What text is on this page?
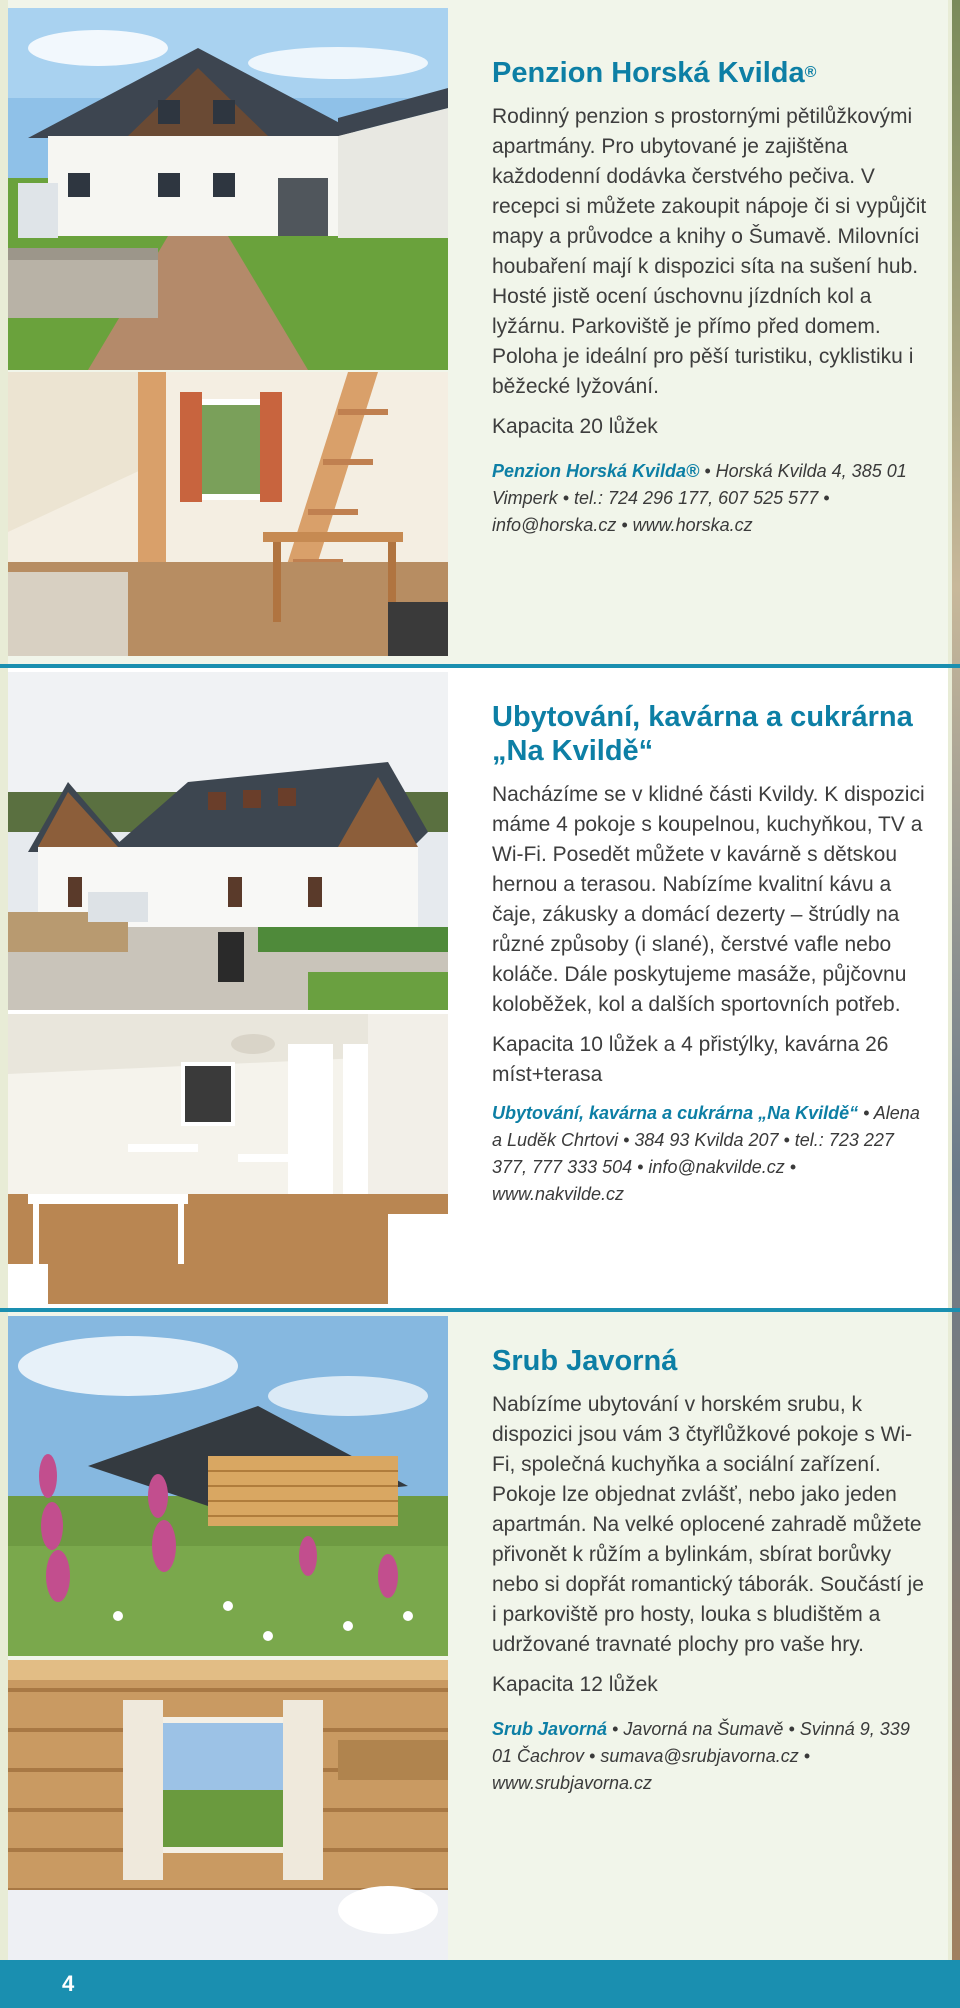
Penzion Horská Kvilda®

Rodinný penzion s prostornými pětilůžkovými apartmány. Pro ubytované je zajištěna každodenní dodávka čerstvého pečiva. V recepci si můžete zakoupit nápoje či si vypůjčit mapy a průvodce a knihy o Šumavě. Milovníci houbaření mají k dispozici síta na sušení hub. Hosté jistě ocení úschovnu jízdních kol a lyžárnu. Parkoviště je přímo před domem. Poloha je ideální pro pěší turistiku, cyklistiku i běžecké lyžování.

Kapacita 20 lůžek

Penzion Horská Kvilda® • Horská Kvilda 4, 385 01 Vimperk • tel.: 724 296 177, 607 525 577 • info@horska.cz • www.horska.cz

Ubytování, kavárna a cukrárna „Na Kvildě“

Nacházíme se v klidné části Kvildy. K dispozici máme 4 pokoje s koupelnou, kuchyňkou, TV a Wi-Fi. Posedět můžete v kavárně s dětskou hernou a terasou. Nabízíme kvalitní kávu a čaje, zákusky a domácí dezerty – štrúdly na různé způsoby (i slané), čerstvé vafle nebo koláče. Dále poskytujeme masáže, půjčovnu koloběžek, kol a dalších sportovních potřeb.

Kapacita 10 lůžek a 4 přistýlky, kavárna 26 míst+terasa

Ubytování, kavárna a cukrárna „Na Kvildě“ • Alena a Luděk Chrtovi • 384 93 Kvilda 207 • tel.: 723 227 377, 777 333 504 • info@nakvilde.cz • www.nakvilde.cz

Srub Javorná

Nabízíme ubytování v horském srubu, k dispozici jsou vám 3 čtyřlůžkové pokoje s Wi-Fi, společná kuchyňka a sociální zařízení. Pokoje lze objednat zvlášť, nebo jako jeden apartmán. Na velké oplocené zahradě můžete přivonět k růžím a bylinkám, sbírat borůvky nebo si dopřát romantický táborák. Součástí je i parkoviště pro hosty, louka s bludištěm a udržované travnaté plochy pro vaše hry.

Kapacita 12 lůžek

Srub Javorná • Javorná na Šumavě • Svinná 9, 339 01 Čachrov • sumava@srubjavorna.cz • www.srubjavorna.cz

4
